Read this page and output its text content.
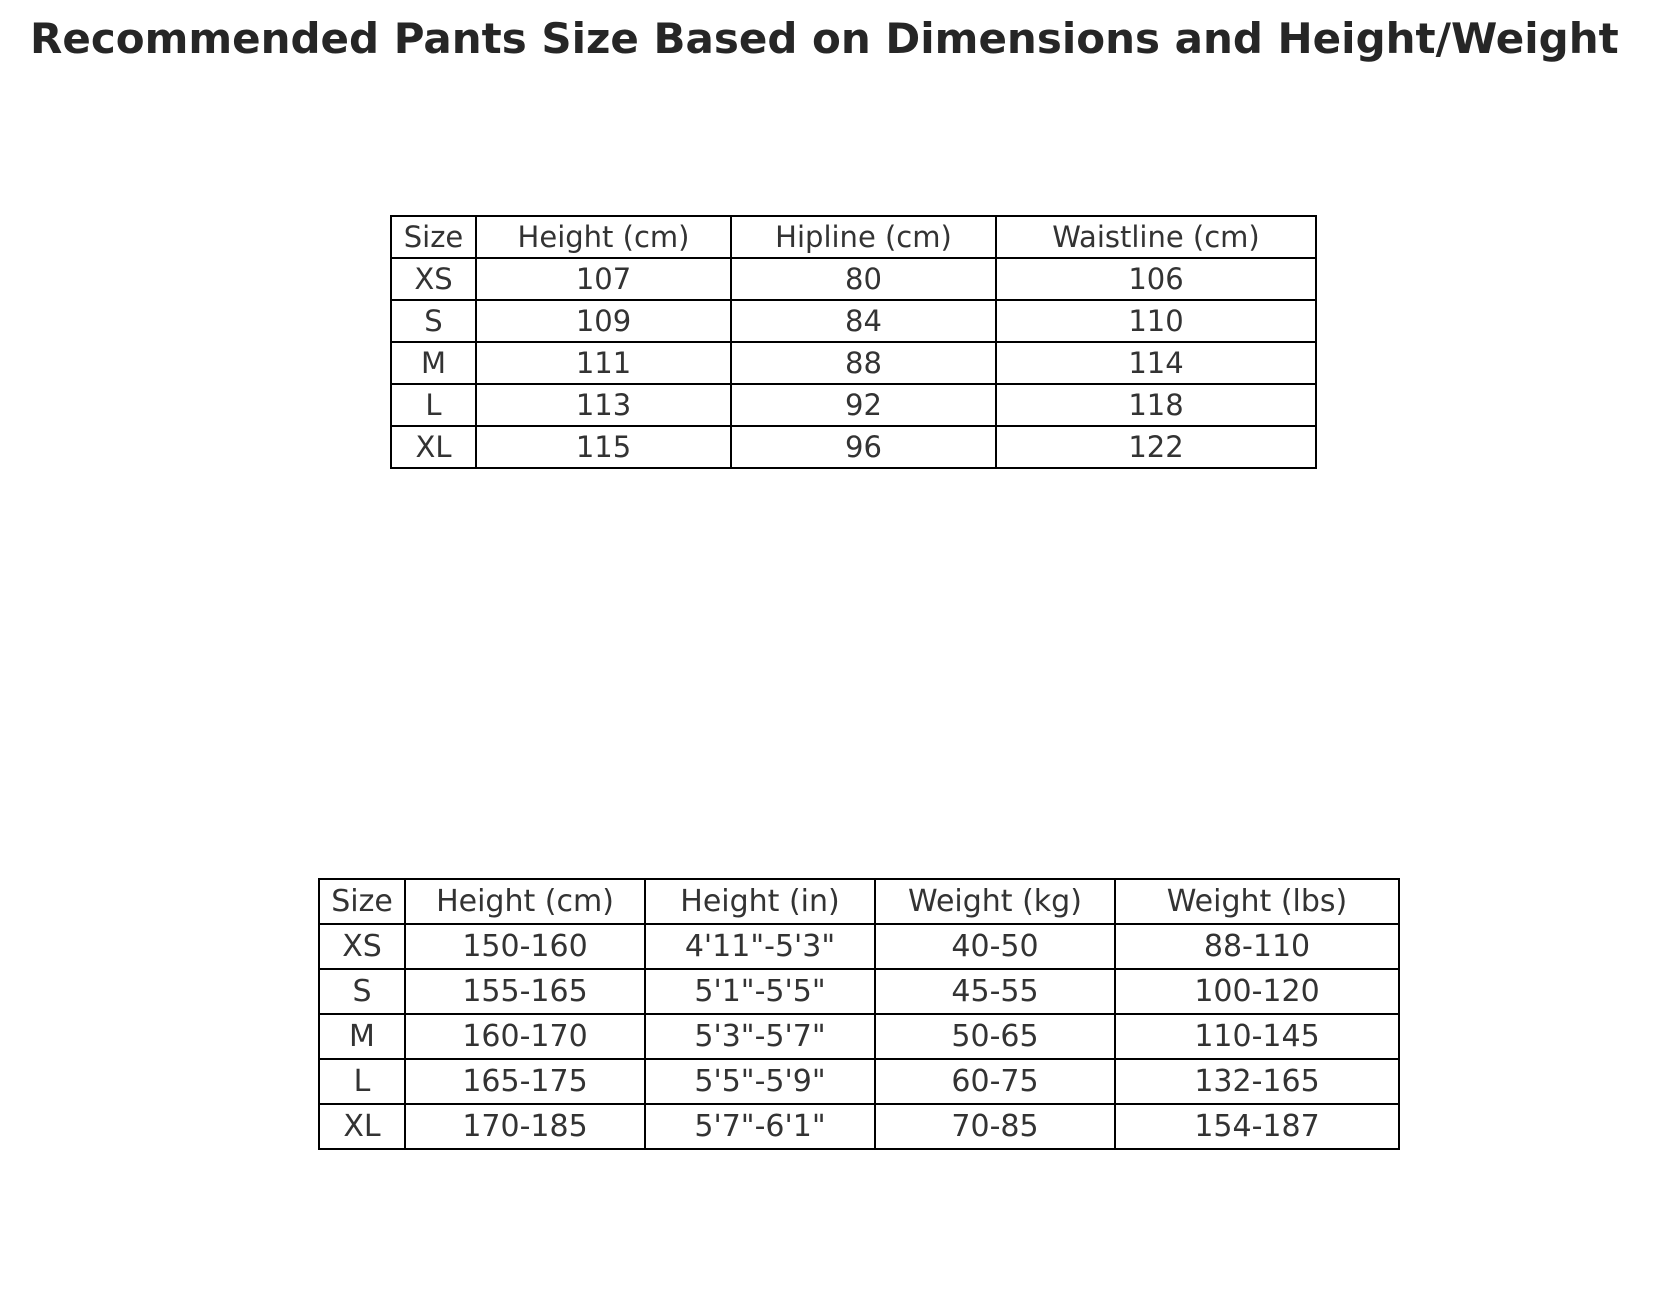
Recommended Pants Size Based on Dimensions and Height/Weight
Size	Height (cm)	Hipline (cm)	Waistline (cm)
XS	107	80	106
S	109	84	110
M	111	88	114
L	113	92	118
XL	115	96	122
Size	Height (cm)	Height (in)	Weight (kg)	Weight (lbs)
XS	150-160	4'11"-5'3"	40-50	88-110
S	155-165	5'1"-5'5"	45-55	100-120
M	160-170	5'3"-5'7"	50-65	110-145
L	165-175	5'5"-5'9"	60-75	132-165
XL	170-185	5'7"-6'1"	70-85	154-187
